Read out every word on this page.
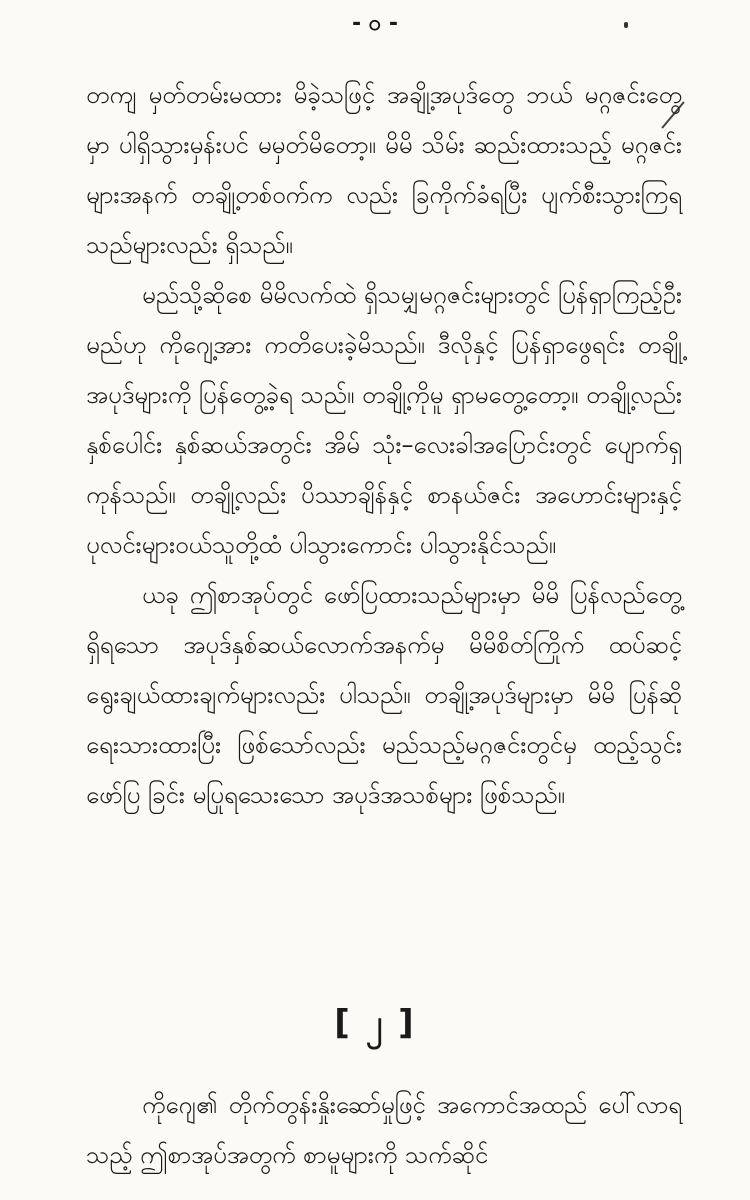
- ၀ -

တကျ မှတ်တမ်းမထား မိခဲ့သဖြင့် အချို့အပုဒ်တွေ ဘယ် မဂ္ဂဇင်းတွေမှာ ပါရှိသွားမှန်းပင် မမှတ်မိတော့။ မိမိ သိမ်း ဆည်းထားသည့် မဂ္ဂဇင်းများအနက် တချို့တစ်ဝက်က လည်း ခြကိုက်ခံရပြီး ပျက်စီးသွားကြရသည်များလည်း ရှိသည်။

မည်သို့ဆိုစေ မိမိလက်ထဲ ရှိသမျှမဂ္ဂဇင်းများတွင် ပြန်ရှာကြည့်ဦးမည်ဟု ကိုဂျေ့အား ကတိပေးခဲ့မိသည်။ ဒီလိုနှင့် ပြန်ရှာဖွေရင်း တချို့အပုဒ်များကို ပြန်တွေ့ခဲ့ရ သည်။ တချို့ကိုမူ ရှာမတွေ့တော့။ တချို့လည်း နှစ်ပေါင်း နှစ်ဆယ်အတွင်း အိမ် သုံး–လေးခါအပြောင်းတွင် ပျောက်ရှ ကုန်သည်။ တချို့လည်း ပိဿာချိန်နှင့် စာနယ်ဇင်း အဟောင်းများနှင့် ပုလင်းများဝယ်သူတို့ထံ ပါသွားကောင်း ပါသွားနိုင်သည်။

ယခု ဤစာအုပ်တွင် ဖော်ပြထားသည်များမှာ မိမိ ပြန်လည်တွေ့ရှိရသော အပုဒ်နှစ်ဆယ်လောက်အနက်မှ မိမိစိတ်ကြိုက် ထပ်ဆင့် ရွေးချယ်ထားချက်များလည်း ပါသည်။ တချို့အပုဒ်များမှာ မိမိ ပြန်ဆိုရေးသားထားပြီး ဖြစ်သော်လည်း မည်သည့်မဂ္ဂဇင်းတွင်မှ ထည့်သွင်းဖော်ပြ ခြင်း မပြုရသေးသော အပုဒ်အသစ်များ ဖြစ်သည်။

[ ၂ ]

ကိုဂျေ၏ တိုက်တွန်းနှိုးဆော်မှုဖြင့် အကောင်အထည် ပေါ်လာရသည့် ဤစာအုပ်အတွက် စာမူများကို သက်ဆိုင်
